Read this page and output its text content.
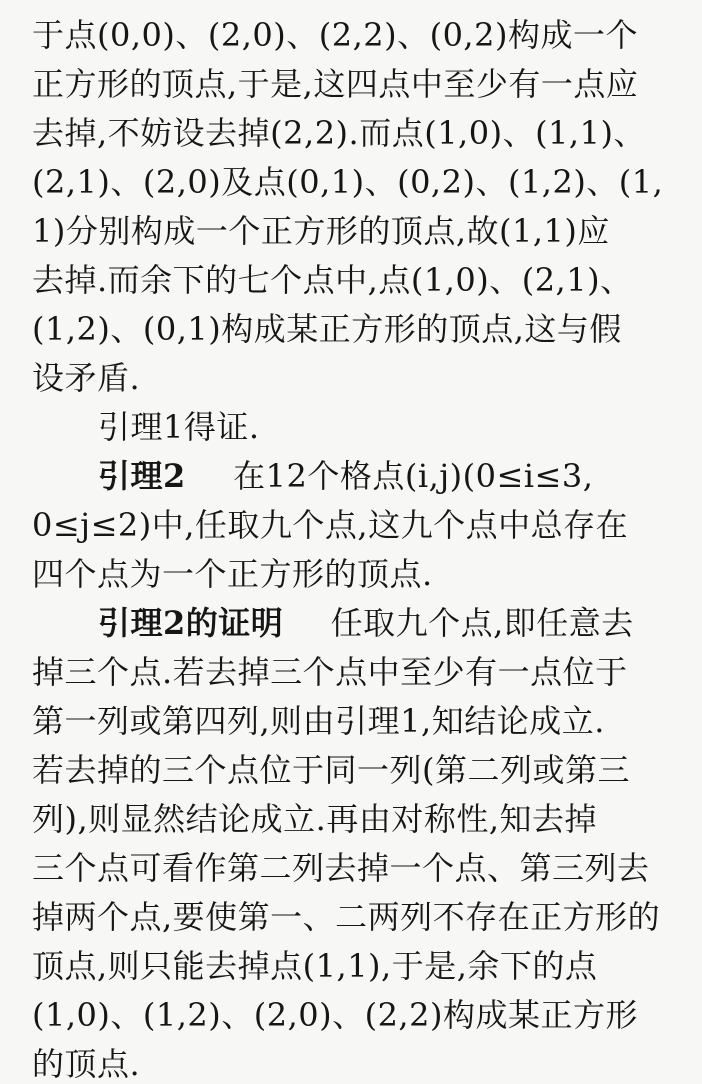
于点(0,0)、(2,0)、(2,2)、(0,2)构成一个
正方形的顶点,于是,这四点中至少有一点应
去掉,不妨设去掉(2,2).而点(1,0)、(1,1)、
(2,1)、(2,0)及点(0,1)、(0,2)、(1,2)、(1,
1)分别构成一个正方形的顶点,故(1,1)应
去掉.而余下的七个点中,点(1,0)、(2,1)、
(1,2)、(0,1)构成某正方形的顶点,这与假
设矛盾.
引理1得证.
引理2 在12个格点(i,j)(0≤i≤3,
0≤j≤2)中,任取九个点,这九个点中总存在
四个点为一个正方形的顶点.
引理2的证明 任取九个点,即任意去
掉三个点.若去掉三个点中至少有一点位于
第一列或第四列,则由引理1,知结论成立.
若去掉的三个点位于同一列(第二列或第三
列),则显然结论成立.再由对称性,知去掉
三个点可看作第二列去掉一个点、第三列去
掉两个点,要使第一、二两列不存在正方形的
顶点,则只能去掉点(1,1),于是,余下的点
(1,0)、(1,2)、(2,0)、(2,2)构成某正方形
的顶点.
